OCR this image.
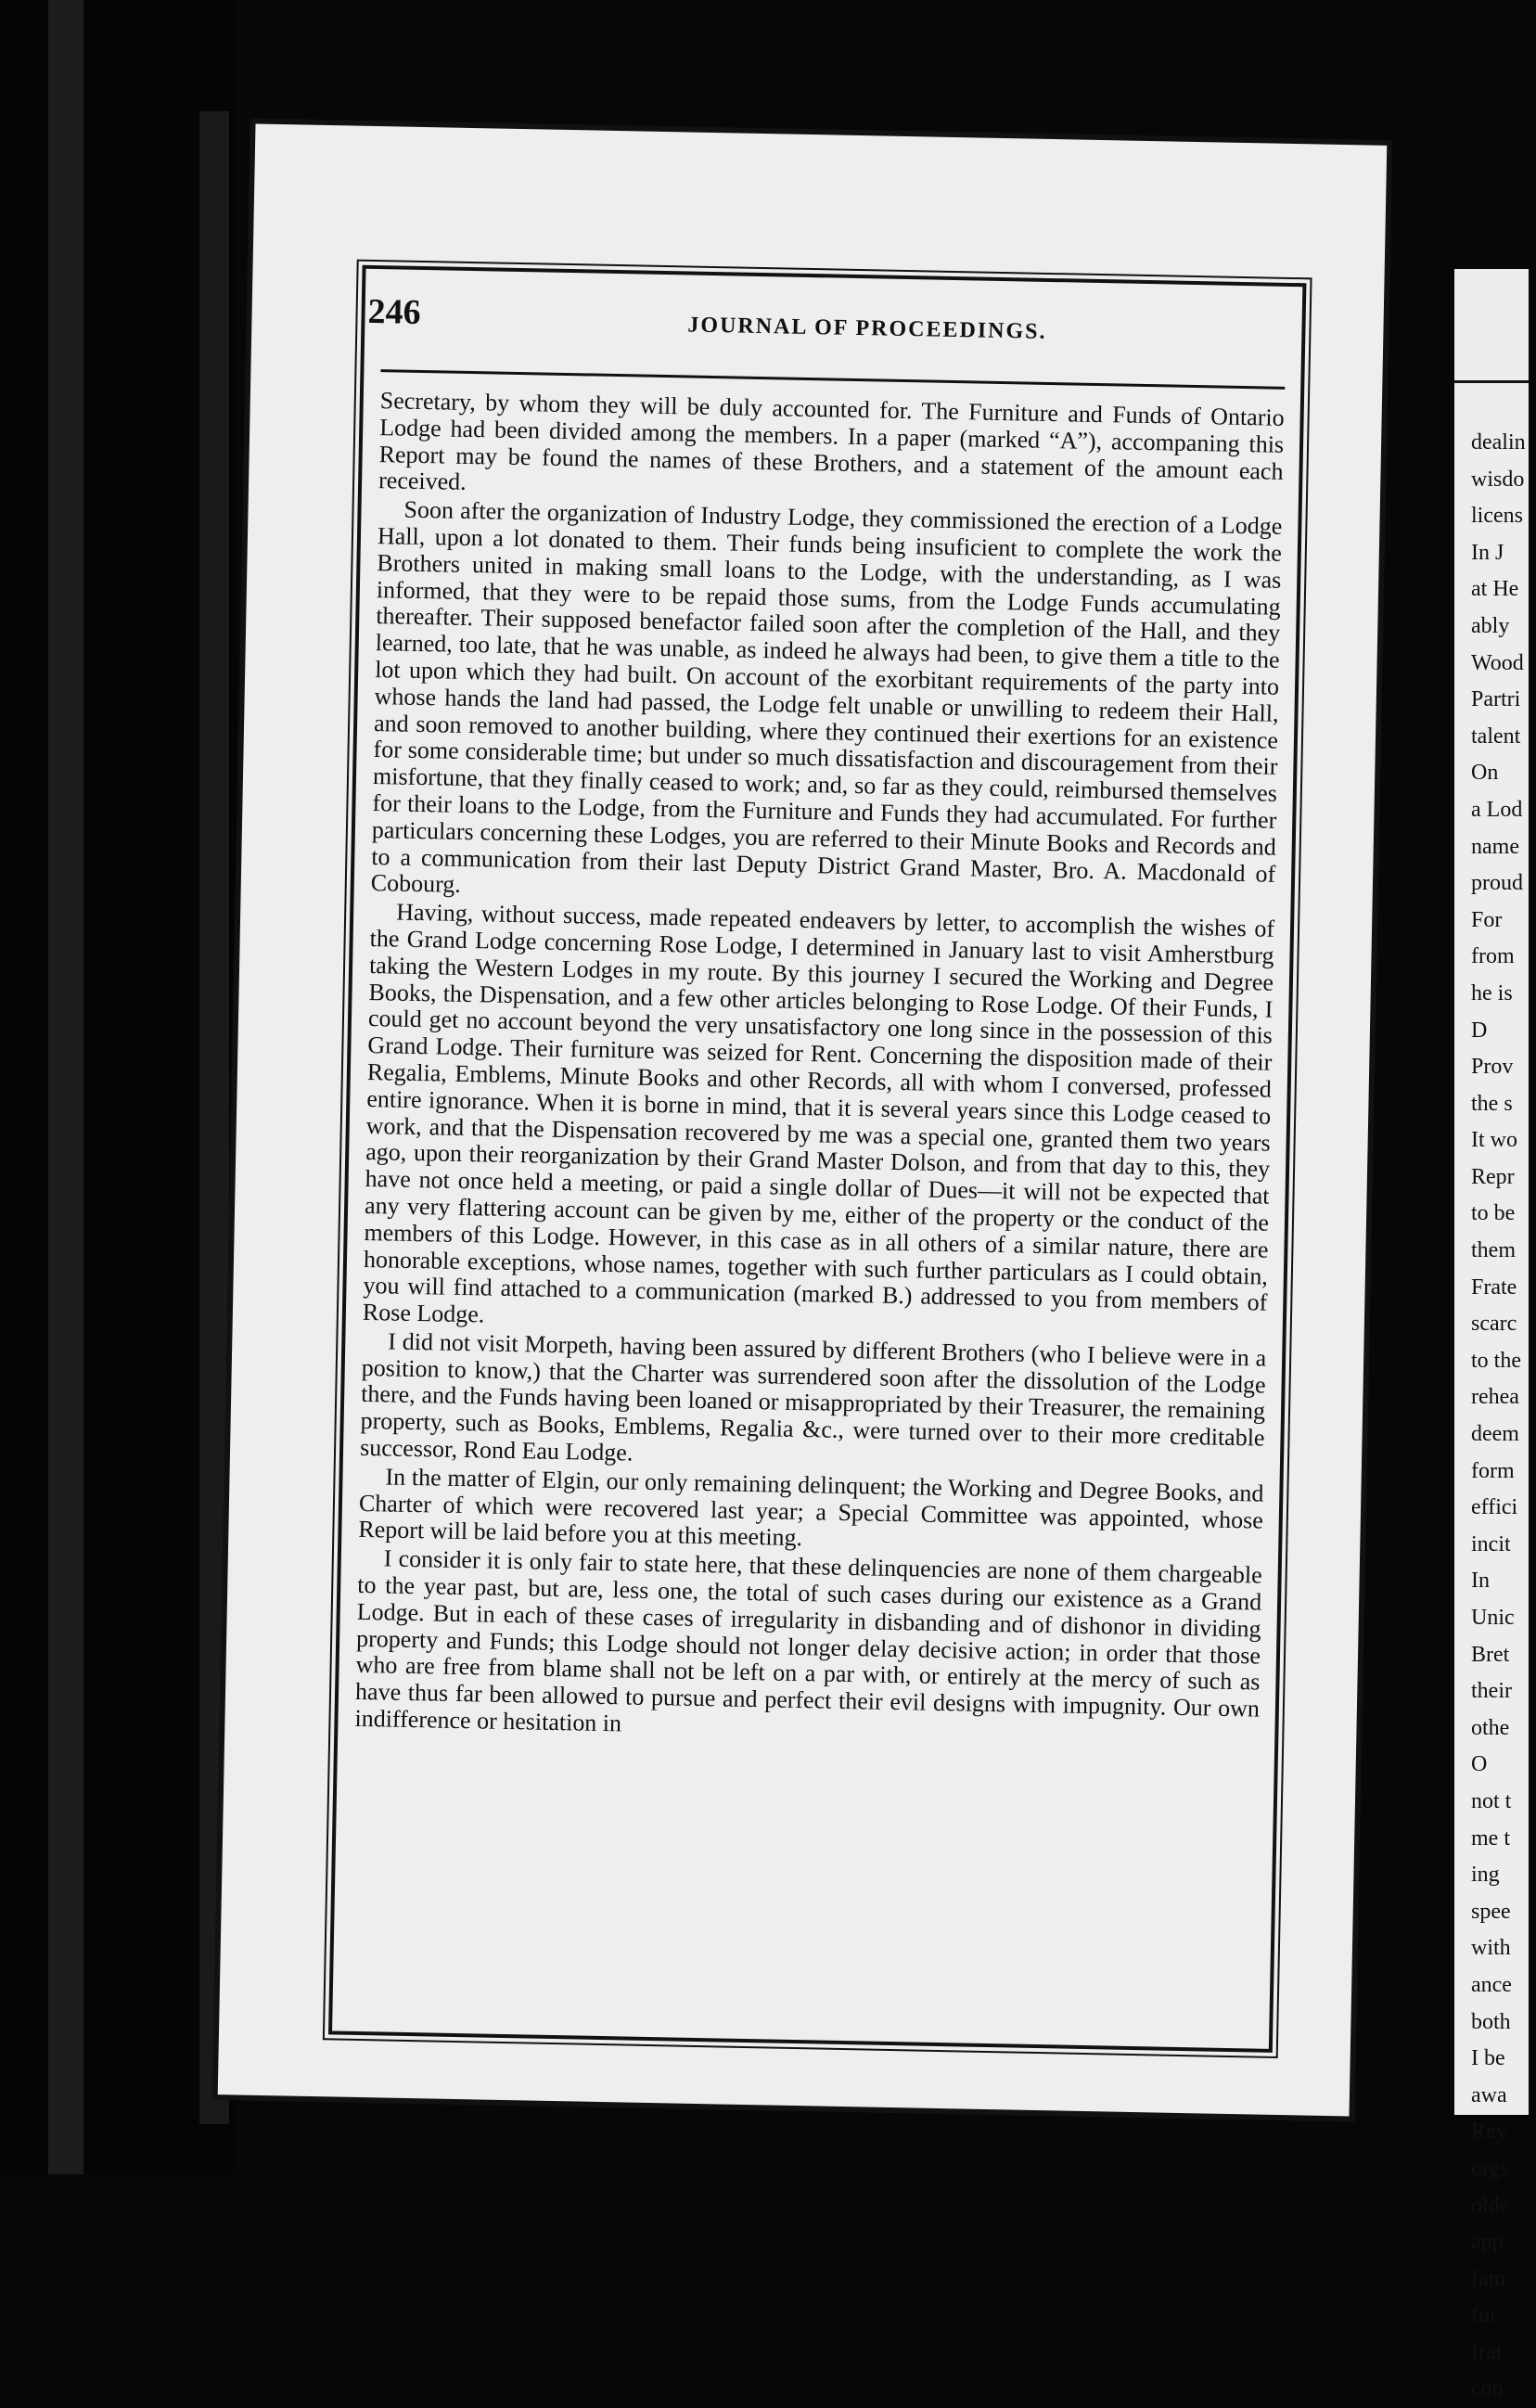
246	JOURNAL OF PROCEEDINGS.

Secretary, by whom they will be duly accounted for. The Furniture and Funds of Ontario Lodge had been divided among the members. In a paper (marked “A”), accompaning this Report may be found the names of these Brothers, and a statement of the amount each received.

Soon after the organization of Industry Lodge, they commissioned the erection of a Lodge Hall, upon a lot donated to them. Their funds being insuficient to complete the work the Brothers united in making small loans to the Lodge, with the understanding, as I was informed, that they were to be repaid those sums, from the Lodge Funds accumulating thereafter. Their supposed benefactor failed soon after the completion of the Hall, and they learned, too late, that he was unable, as indeed he always had been, to give them a title to the lot upon which they had built. On account of the exorbitant requirements of the party into whose hands the land had passed, the Lodge felt unable or unwilling to redeem their Hall, and soon removed to another building, where they continued their exertions for an existence for some considerable time; but under so much dissatisfaction and discouragement from their misfortune, that they finally ceased to work; and, so far as they could, reimbursed themselves for their loans to the Lodge, from the Furniture and Funds they had accumulated. For further particulars concerning these Lodges, you are referred to their Minute Books and Records and to a communication from their last Deputy District Grand Master, Bro. A. Macdonald of Cobourg.

Having, without success, made repeated endeavers by letter, to accomplish the wishes of the Grand Lodge concerning Rose Lodge, I determined in January last to visit Amherstburg taking the Western Lodges in my route. By this journey I secured the Working and Degree Books, the Dispensation, and a few other articles belonging to Rose Lodge. Of their Funds, I could get no account beyond the very unsatisfactory one long since in the possession of this Grand Lodge. Their furniture was seized for Rent. Concerning the disposition made of their Regalia, Emblems, Minute Books and other Records, all with whom I conversed, professed entire ignorance. When it is borne in mind, that it is several years since this Lodge ceased to work, and that the Dispensation recovered by me was a special one, granted them two years ago, upon their reorganization by their Grand Master Dolson, and from that day to this, they have not once held a meeting, or paid a single dollar of Dues—it will not be expected that any very flattering account can be given by me, either of the property or the conduct of the members of this Lodge. However, in this case as in all others of a similar nature, there are honorable exceptions, whose names, together with such further particulars as I could obtain, you will find attached to a communication (marked B.) addressed to you from members of Rose Lodge.

I did not visit Morpeth, having been assured by different Brothers (who I believe were in a position to know,) that the Charter was surrendered soon after the dissolution of the Lodge there, and the Funds having been loaned or misappropriated by their Treasurer, the remaining property, such as Books, Emblems, Regalia &c., were turned over to their more creditable successor, Rond Eau Lodge.

In the matter of Elgin, our only remaining delinquent; the Working and Degree Books, and Charter of which were recovered last year; a Special Committee was appointed, whose Report will be laid before you at this meeting.

I consider it is only fair to state here, that these delinquencies are none of them chargeable to the year past, but are, less one, the total of such cases during our existence as a Grand Lodge. But in each of these cases of irregularity in disbanding and of dishonor in dividing property and Funds; this Lodge should not longer delay decisive action; in order that those who are free from blame shall not be left on a par with, or entirely at the mercy of such as have thus far been allowed to pursue and perfect their evil designs with impugnity. Our own indifference or hesitation in

dealin
wisdo
licens
In J
at He
ably
Wood
Partri
talent
On
a Lod
name
proud
For
from
he is
D
Prov
the s
It wo
Repr
to be
them
Frate
scarc
to the
rehea
deem
form
effici
incit
In
Unic
Bret
their
othe
O
not t
me t
ing
spee
with
ance
both
I be
awa
Rey
orgs
olde
app
fam
for
frat
con
